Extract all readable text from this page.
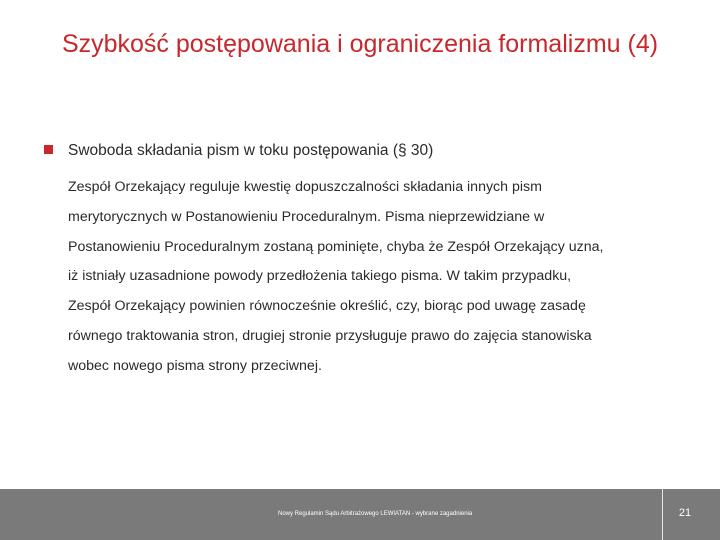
Szybkość postępowania i ograniczenia formalizmu (4)
Swoboda składania pism w toku postępowania (§ 30)
Zespół Orzekający reguluje kwestię dopuszczalności składania innych pism
merytorycznych w Postanowieniu Proceduralnym. Pisma nieprzewidziane w
Postanowieniu Proceduralnym zostaną pominięte, chyba że Zespół Orzekający uzna,
iż istniały uzasadnione powody przedłożenia takiego pisma. W takim przypadku,
Zespół Orzekający powinien równocześnie określić, czy, biorąc pod uwagę zasadę
równego traktowania stron, drugiej stronie przysługuje prawo do zajęcia stanowiska
wobec nowego pisma strony przeciwnej.
Nowy Regulamin Sądu Arbitrażowego LEWIATAN - wybrane zagadnienia	21
